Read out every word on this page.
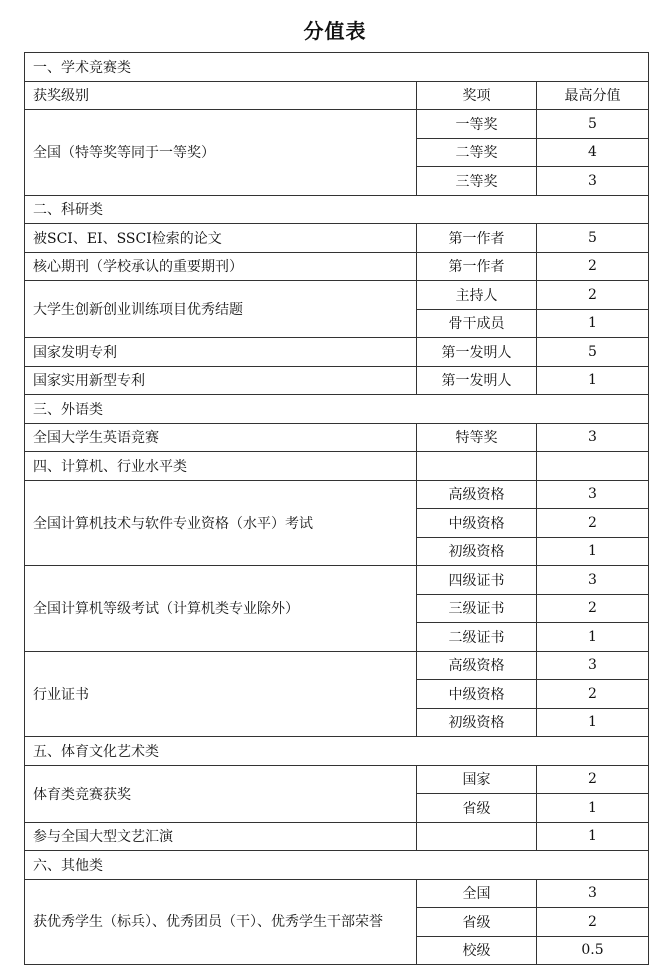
分值表
一、学术竞赛类		
获奖级别	奖项	最高分值
全国（特等奖等同于一等奖）	一等奖	5
	二等奖	4
	三等奖	3
二、科研类		
被SCI、EI、SSCI检索的论文	第一作者	5
核心期刊（学校承认的重要期刊）	第一作者	2
大学生创新创业训练项目优秀结题	主持人	2
	骨干成员	1
国家发明专利	第一发明人	5
国家实用新型专利	第一发明人	1
三、外语类		
全国大学生英语竞赛	特等奖	3
四、计算机、行业水平类		
全国计算机技术与软件专业资格（水平）考试	高级资格	3
	中级资格	2
	初级资格	1
全国计算机等级考试（计算机类专业除外）	四级证书	3
	三级证书	2
	二级证书	1
行业证书	高级资格	3
	中级资格	2
	初级资格	1
五、体育文化艺术类		
体育类竞赛获奖	国家	2
	省级	1
参与全国大型文艺汇演		1
六、其他类		
获优秀学生（标兵）、优秀团员（干）、优秀学生干部荣誉	全国	3
	省级	2
	校级	0.5
